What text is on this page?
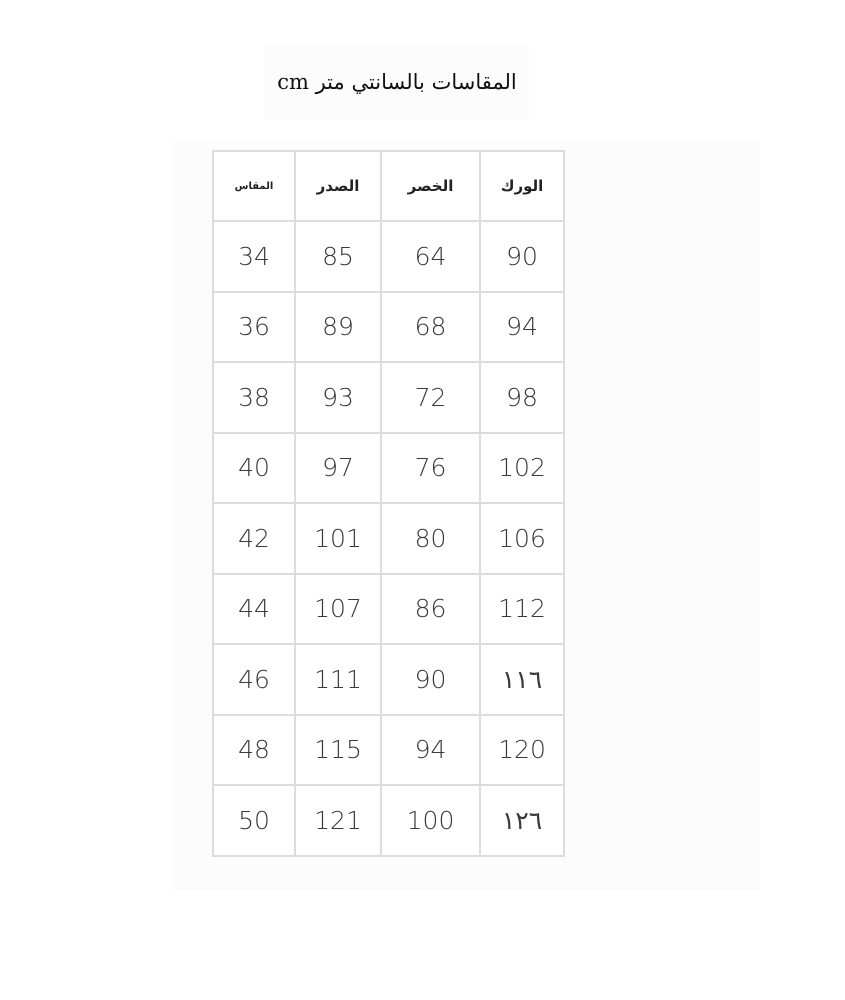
المقاسات بالسانتي متر cm
المقاس	الصدر	الخصر	الورك
34	85	64	90
36	89	68	94
38	93	72	98
40	97	76	102
42	101	80	106
44	107	86	112
46	111	90	١١٦
48	115	94	120
50	121	100	١٢٦
